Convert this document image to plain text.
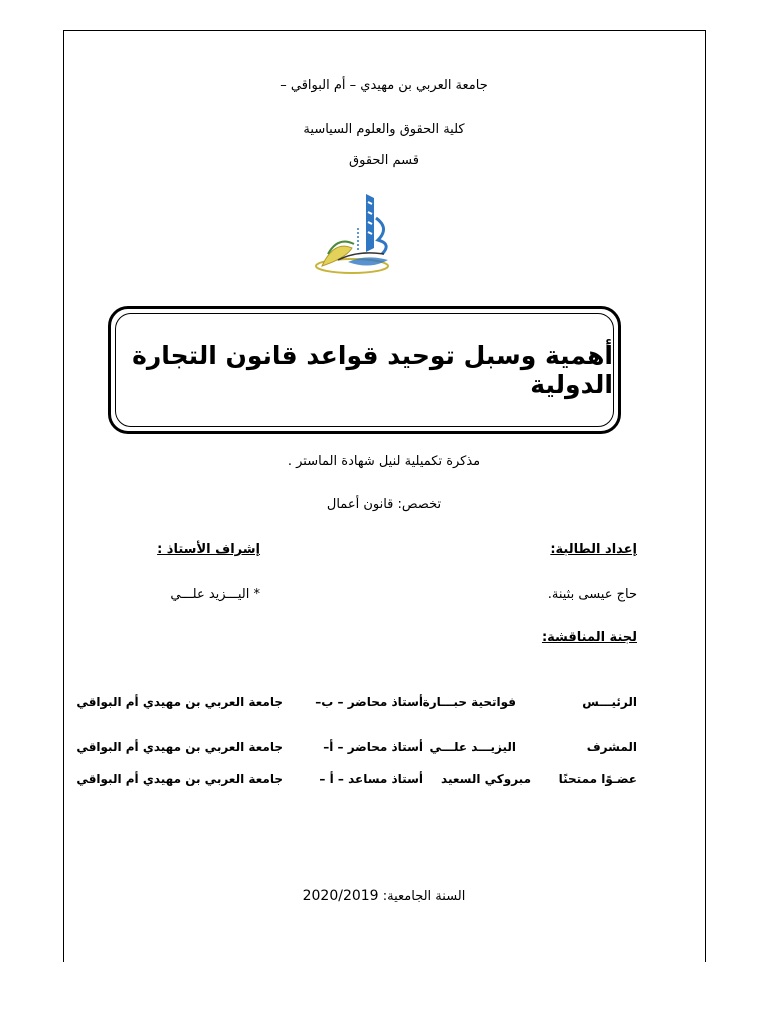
جامعة العربي بن مهيدي – أم البواقي –
كلية الحقوق والعلوم السياسية
قسم الحقوق
أهمية وسبل توحيد قواعد قانون التجارة الدولية
مذكرة تكميلية لنيل شهادة الماستر .
تخصص: قانون أعمال
إعداد الطالبة:
إشراف الأستاذ :
حاج عيسى بثينة.
* اليـــزيد علـــي
لجنة المناقشة:
الرئيـــس
فواتحية حبـــارة
أستاذ محاضر – ب–
جامعة العربي بن مهيدي أم البواقي
المشرف
اليزيـــد علـــي
أستاذ محاضر – أ–
جامعة العربي بن مهيدي أم البواقي
عضـوًا ممتحنًا
مبروكي السعيد
أستاذ مساعد – أ –
جامعة العربي بن مهيدي أم البواقي
السنة الجامعية: 2020/2019
